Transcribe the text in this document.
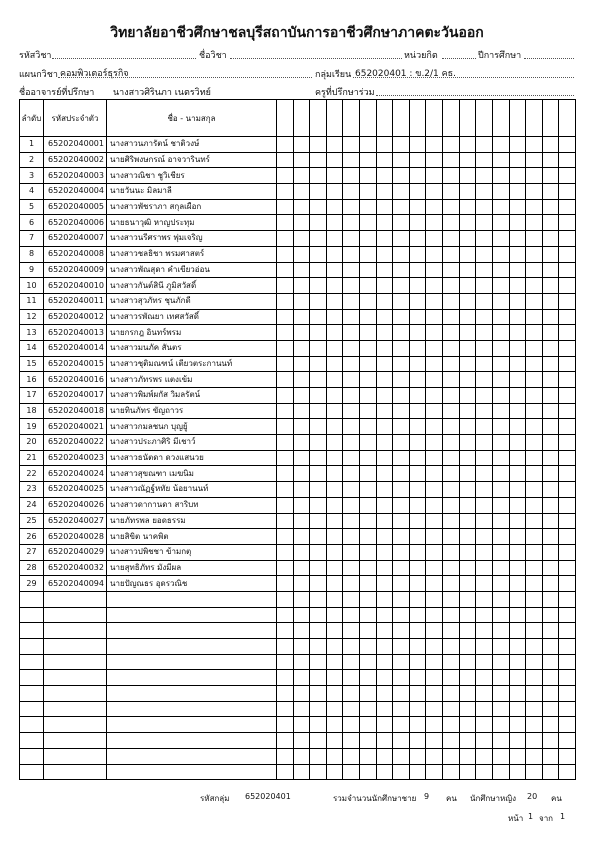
วิทยาลัยอาชีวศึกษาชลบุรีสถาบันการอาชีวศึกษาภาคตะวันออก
รหัสวิชา	ชื่อวิชา	หน่วยกิต	ปีการศึกษา
แผนกวิชา คอมพิวเตอร์ธุรกิจ	กลุ่มเรียน 652020401 : ข.2/1 คธ.
ชื่ออาจารย์ที่ปรึกษา นางสาวศิรินภา เนตรวิทย์	ครูที่ปรึกษาร่วม
ลำดับ	รหัสประจำตัว	ชื่อ - นามสกุล																		
1	65202040001	นางสาวนภารัตน์ ชาติวงษ์																		
2	65202040002	นายศิริพงษกรณ์ อาจวารินทร์																		
3	65202040003	นางสาวณิชา ชูวิเชียร																		
4	65202040004	นายวันนะ มิลมาลี																		
5	65202040005	นางสาวพัชราภา สกุลเผือก																		
6	65202040006	นายธนาวุฒิ หาญประทุม																		
7	65202040007	นางสาวนรีศราพร พุ่มเจริญ																		
8	65202040008	นางสาวชลธิชา พรมศาสตร์																		
9	65202040009	นางสาวพัณสุดา คำเขียวอ่อน																		
10	65202040010	นางสาวกันต์สินี ภูมิสวัสดิ์																		
11	65202040011	นางสาวสุวภัทร ชุนภักดี																		
12	65202040012	นางสาวรพัณยา เทศสวัสดิ์																		
13	65202040013	นายกรกฎ อินทร์พรม																		
14	65202040014	นางสาวมนภัค สันตร																		
15	65202040015	นางสาวชุติมณฑน์ เตียวตระกานนท์																		
16	65202040016	นางสาวภัทรพร แตงเข้ม																		
17	65202040017	นางสาวพิมพ์ผกัส วิมลรัตน์																		
18	65202040018	นายทินภัทร ขัญถาวร																		
19	65202040021	นางสาวกมลชนก บุญยู้																		
20	65202040022	นางสาวประภาศิริ มีเชาว์																		
21	65202040023	นางสาวธนัตดา ดวงแสนวย																		
22	65202040024	นางสาวสุขณฑา เมฆนิม																		
23	65202040025	นางสาวณัฏฐ์หทัย น้อยานนท์																		
24	65202040026	นางสาวดากานดา สาริบท																		
25	65202040027	นายภัทรพล ยอดธรรม																		
26	65202040028	นายสิขิต นาคพิต																		
27	65202040029	นางสาวปพิชชา ข้ามกตุ																		
28	65202040032	นายสุทธิภัทร มังมีผล																		
29	65202040094	นายปัญณธร อุดรวณิช																		

รหัสกลุ่ม 652020401	รวมจำนวนนักศึกษาชาย 9 คน นักศึกษาหญิง 20 คน
หน้า 1 จาก 1
